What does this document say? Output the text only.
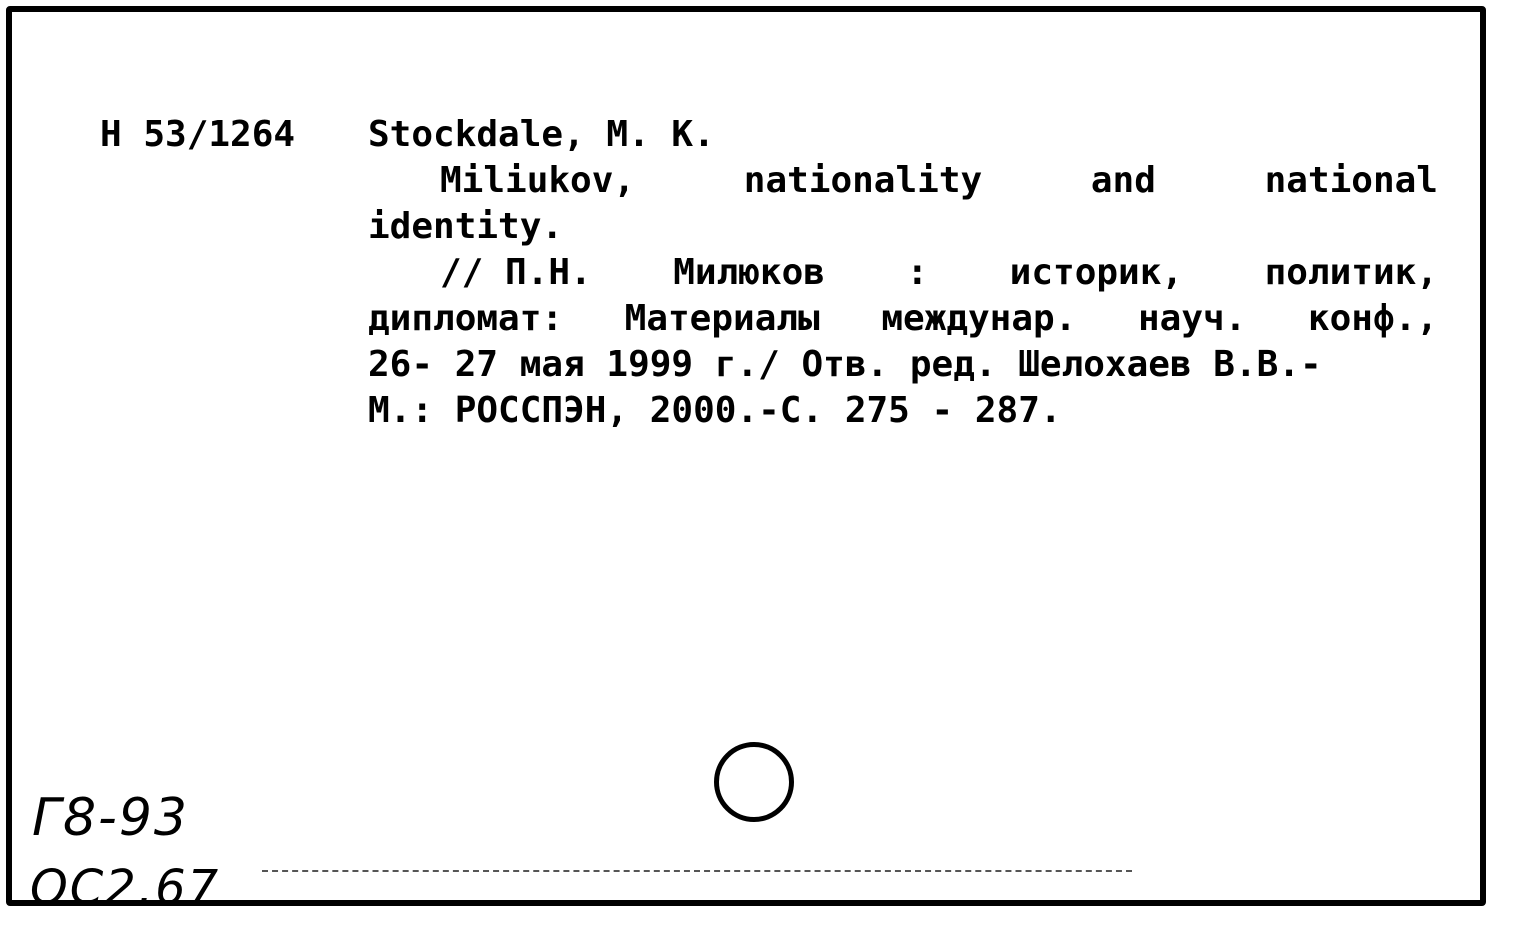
Н 53/1264 Stockdale, M. K.
Miliukov,	nationality	and	national
identity.
// П.Н. Милюков : историк, политик,
дипломат: Материалы междунар. науч. конф.,
26- 27 мая 1999 г./ Отв. ред. Шелохаев В.В.-
М.: РОССПЭН, 2000.-С. 275 - 287.
Г8-93
ОС2.67
